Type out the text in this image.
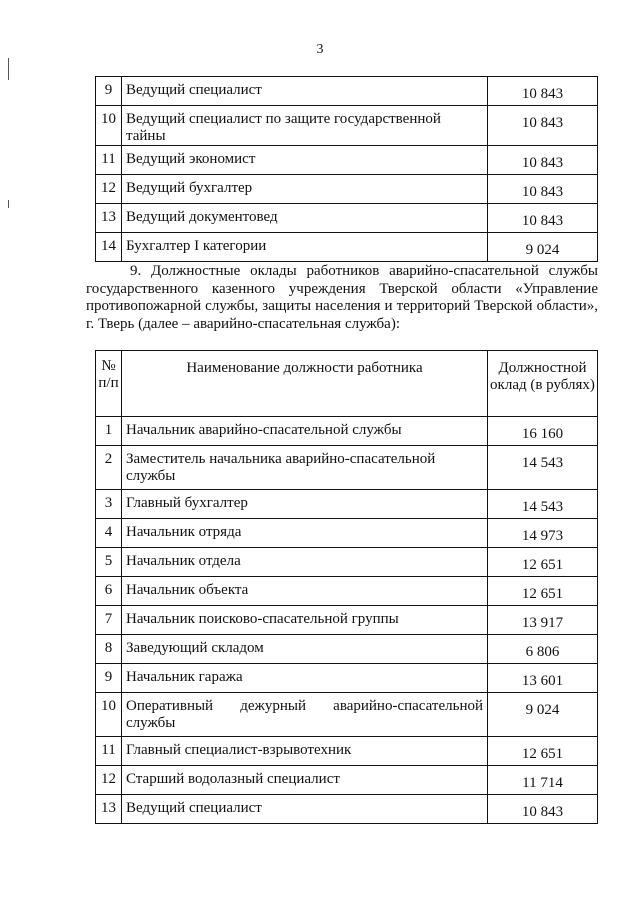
3
9	Ведущий специалист	10 843
10	Ведущий специалист по защите государственной тайны	10 843
11	Ведущий экономист	10 843
12	Ведущий бухгалтер	10 843
13	Ведущий документовед	10 843
14	Бухгалтер I категории	9 024
9. Должностные оклады работников аварийно-спасательной службы государственного казенного учреждения Тверской области «Управление противопожарной службы, защиты населения и территорий Тверской области», г. Тверь (далее – аварийно-спасательная служба):
№ п/п	Наименование должности работника	Должностной оклад (в рублях)
1	Начальник аварийно-спасательной службы	16 160
2	Заместитель начальника аварийно-спасательной службы	14 543
3	Главный бухгалтер	14 543
4	Начальник отряда	14 973
5	Начальник отдела	12 651
6	Начальник объекта	12 651
7	Начальник поисково-спасательной группы	13 917
8	Заведующий складом	6 806
9	Начальник гаража	13 601
10	Оперативный дежурный аварийно-спасательной службы	9 024
11	Главный специалист-взрывотехник	12 651
12	Старший водолазный специалист	11 714
13	Ведущий специалист	10 843
